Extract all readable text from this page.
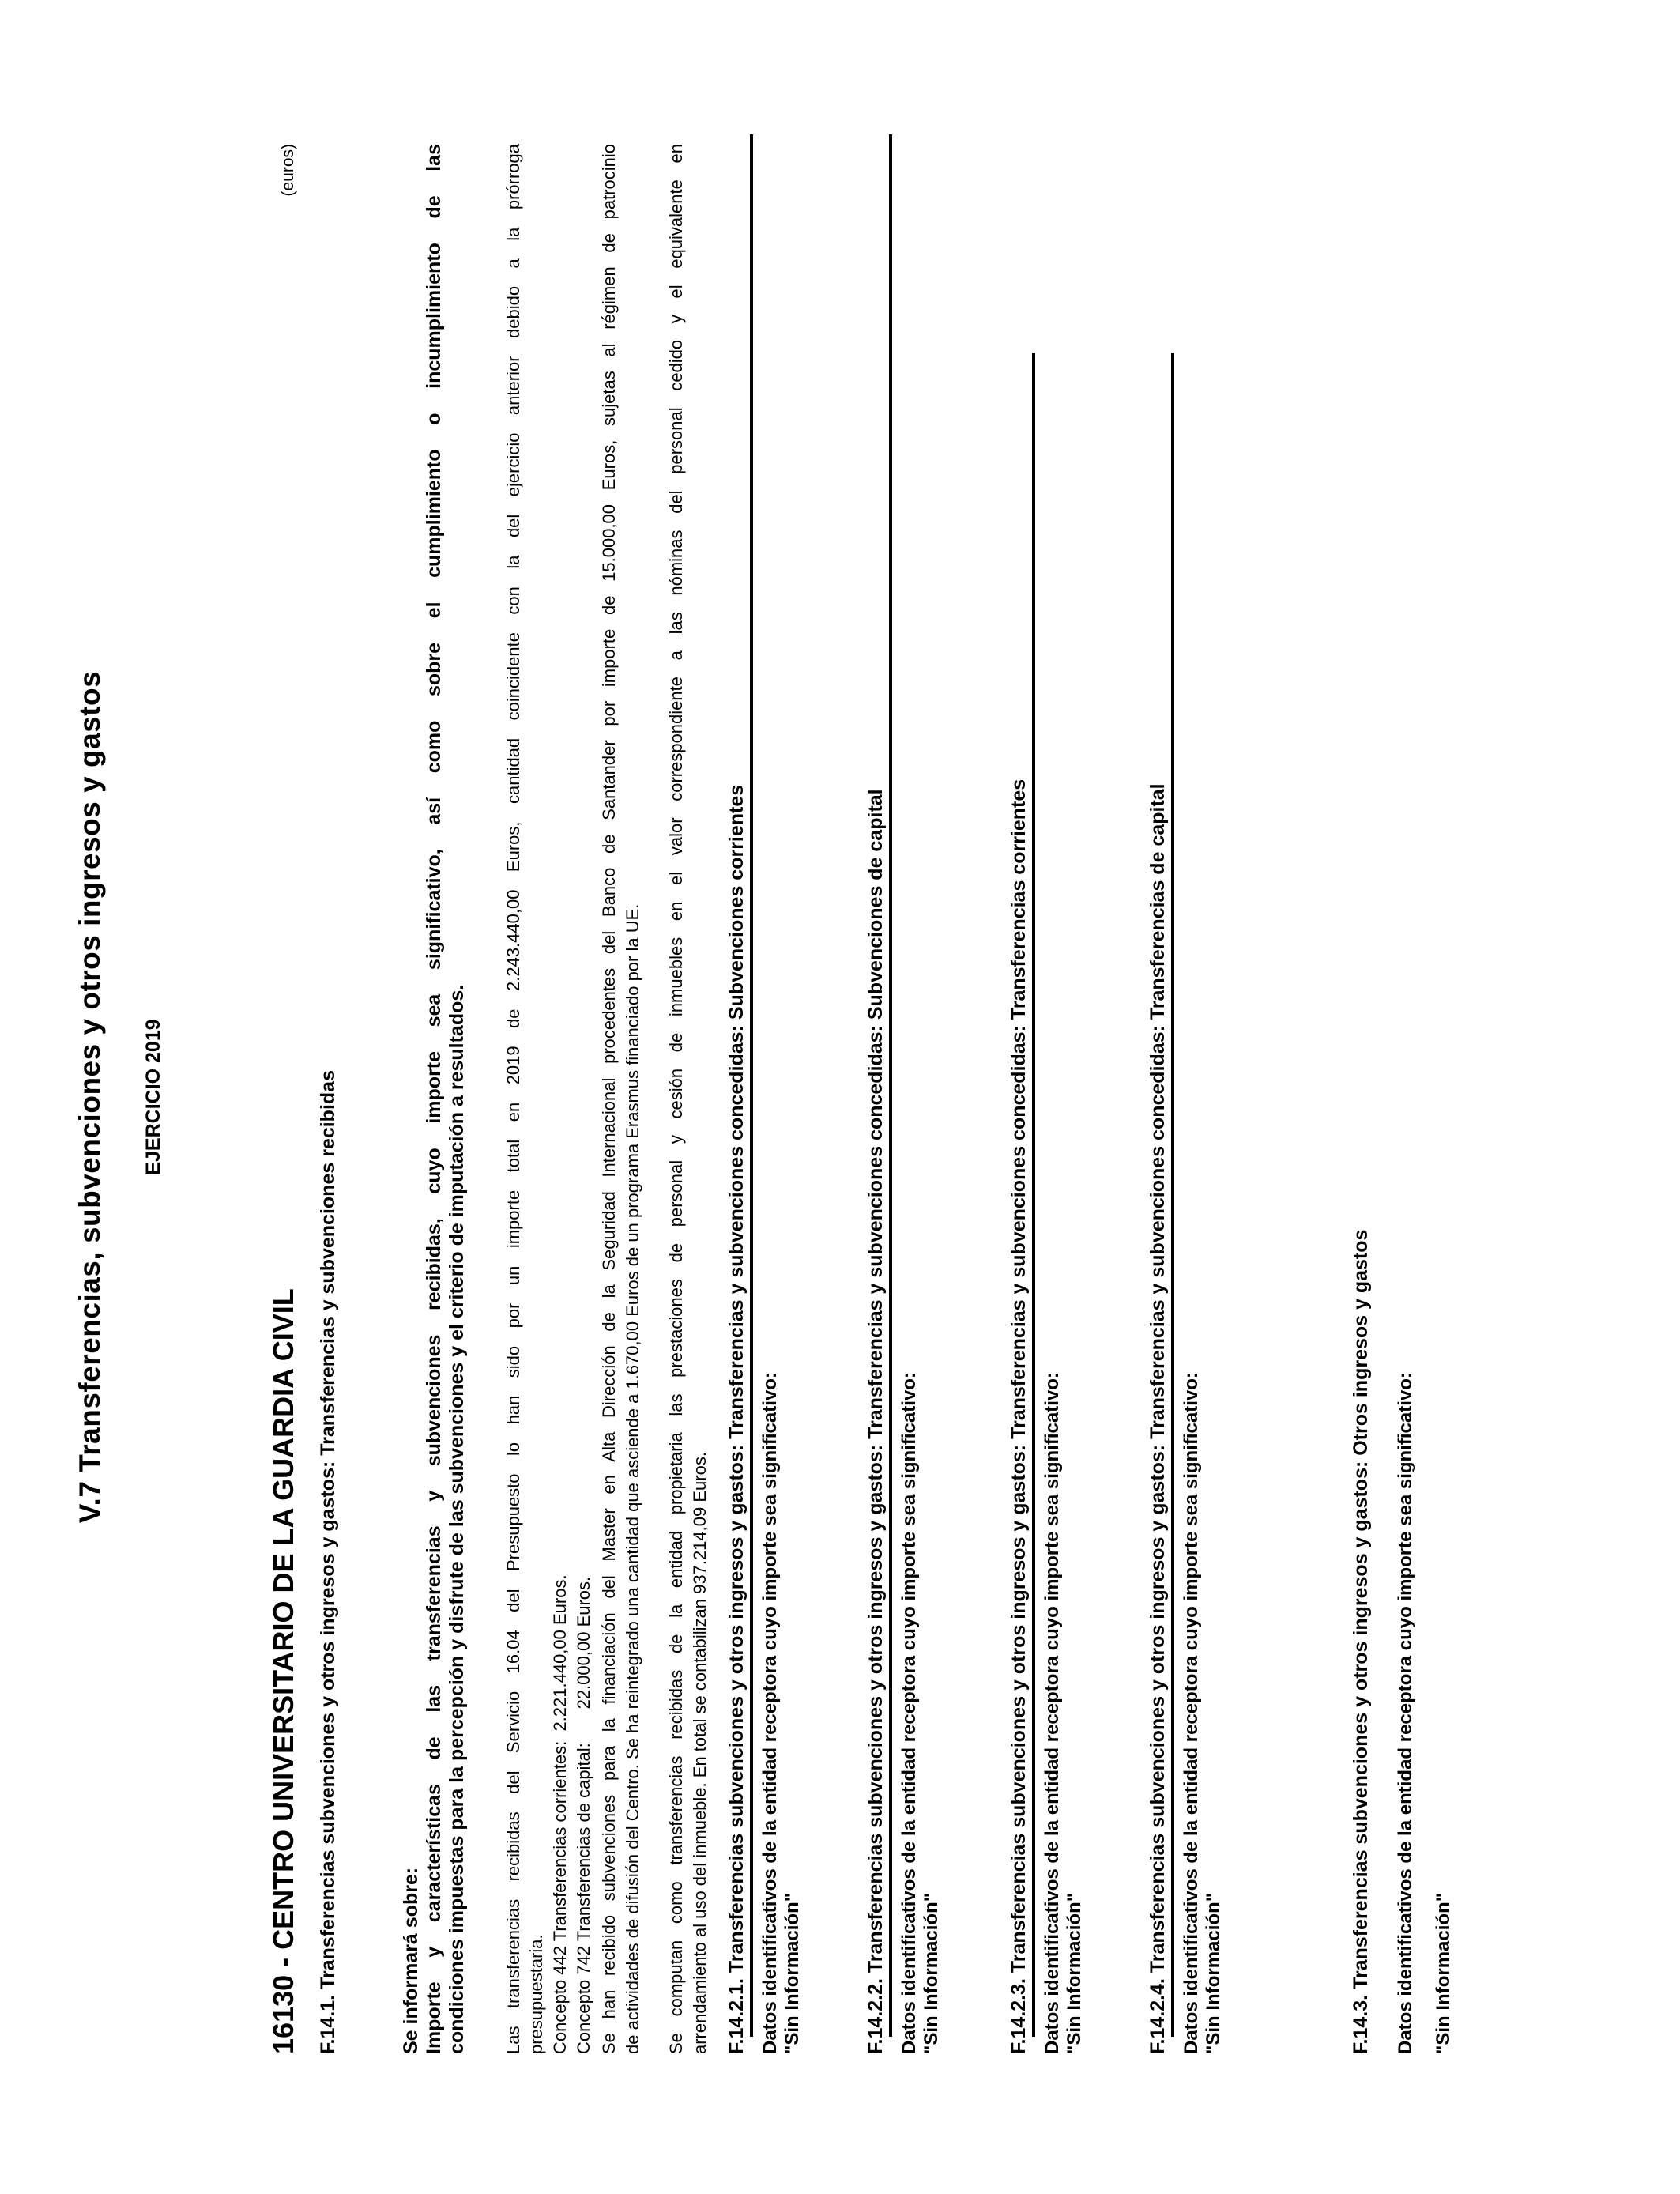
V.7 Transferencias, subvenciones y otros ingresos y gastos EJERCICIO 2019
16130 - CENTRO UNIVERSITARIO DE LA GUARDIA CIVIL
(euros)
F.14.1. Transferencias subvenciones y otros ingresos y gastos: Transferencias y subvenciones recibidas	Se informará sobre: Importe y características de las transferencias y subvenciones recibidas, cuyo importe sea significativo, así como sobre el cumplimiento o incumplimiento de las condiciones impuestas para la percepción y disfrute de las subvenciones y el criterio de imputación a resultados. Las transferencias recibidas del Servicio 16.04 del Presupuesto lo han sido por un importe total en 2019 de 2.243.440,00 Euros, cantidad coincidente con la del ejercicio anterior debido a la prórroga presupuestaria. Concepto 442 Transferencias corrientes:  2.221.440,00 Euros. Concepto 742 Transferencias de capital:       22.000,00 Euros. Se han recibido subvenciones para la financiación del Master en Alta Dirección de la Seguridad Internacional procedentes del Banco de Santander por importe de 15.000,00 Euros, sujetas al régimen de patrocinio de actividades de difusión del Centro. Se ha reintegrado una cantidad que asciende a 1.670,00 Euros de un programa Erasmus financiado por la UE. Se computan como transferencias recibidas de la entidad propietaria las prestaciones de personal y cesión de inmuebles en el valor correspondiente a las nóminas del personal cedido y el equivalente en arrendamiento al uso del inmueble. En total se contabilizan 937.214,09 Euros. F.14.2.1. Transferencias subvenciones y otros ingresos y gastos: Transferencias y subvenciones concedidas: Subvenciones corrientes Datos identificativos de la entidad receptora cuyo importe sea significativo: "Sin Información"	F.14.2.2. Transferencias subvenciones y otros ingresos y gastos: Transferencias y subvenciones concedidas: Subvenciones de capital Datos identificativos de la entidad receptora cuyo importe sea significativo: "Sin Información"	F.14.2.3. Transferencias subvenciones y otros ingresos y gastos: Transferencias y subvenciones concedidas: Transferencias corrientes Datos identificativos de la entidad receptora cuyo importe sea significativo: "Sin Información"	F.14.2.4. Transferencias subvenciones y otros ingresos y gastos: Transferencias y subvenciones concedidas: Transferencias de capital Datos identificativos de la entidad receptora cuyo importe sea significativo: "Sin Información"	F.14.3. Transferencias subvenciones y otros ingresos y gastos: Otros ingresos y gastos Datos identificativos de la entidad receptora cuyo importe sea significativo: "Sin Información"
